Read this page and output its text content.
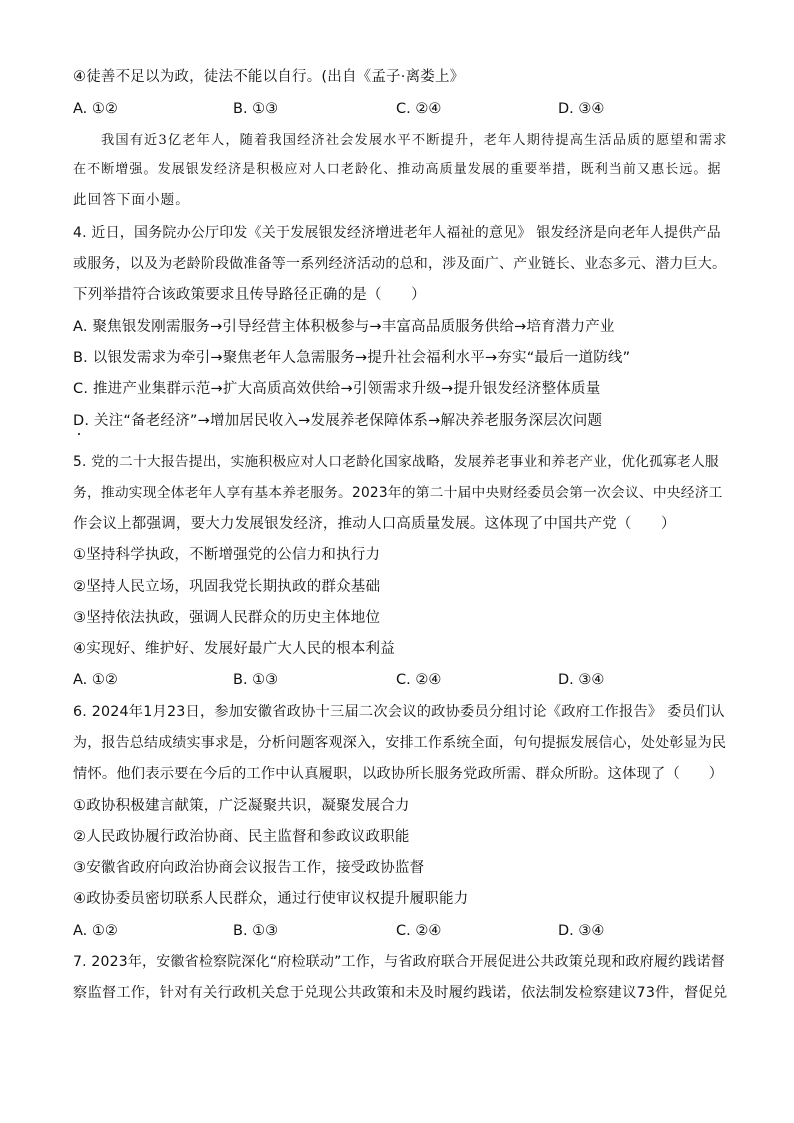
④徒善不足以为政，徒法不能以自行。(出自《孟子·离娄上》
A. ①②	B. ①③	C. ②④	D. ③④
我国有近3亿老年人，随着我国经济社会发展水平不断提升，老年人期待提高生活品质的愿望和需求
在不断增强。发展银发经济是积极应对人口老龄化、推动高质量发展的重要举措，既利当前又惠长远。据
此回答下面小题。
4. 近日，国务院办公厅印发《关于发展银发经济增进老年人福祉的意见》 银发经济是向老年人提供产品
或服务，以及为老龄阶段做准备等一系列经济活动的总和，涉及面广、产业链长、业态多元、潜力巨大。
下列举措符合该政策要求且传导路径正确的是（　　）
A. 聚焦银发刚需服务→引导经营主体积极参与→丰富高品质服务供给→培育潜力产业
B. 以银发需求为牵引→聚焦老年人急需服务→提升社会福利水平→夯实“最后一道防线”
C. 推进产业集群示范→扩大高质高效供给→引领需求升级→提升银发经济整体质量
D. 关注“备老经济”→增加居民收入→发展养老保障体系→解决养老服务深层次问题
5. 党的二十大报告提出，实施积极应对人口老龄化国家战略，发展养老事业和养老产业，优化孤寡老人服
务，推动实现全体老年人享有基本养老服务。2023年的第二十届中央财经委员会第一次会议、中央经济工
作会议上都强调，要大力发展银发经济，推动人口高质量发展。这体现了中国共产党（　　）
①坚持科学执政，不断增强党的公信力和执行力
②坚持人民立场，巩固我党长期执政的群众基础
③坚持依法执政，强调人民群众的历史主体地位
④实现好、维护好、发展好最广大人民的根本利益
A. ①②	B. ①③	C. ②④	D. ③④
6. 2024年1月23日，参加安徽省政协十三届二次会议的政协委员分组讨论《政府工作报告》 委员们认
为，报告总结成绩实事求是，分析问题客观深入，安排工作系统全面，句句提振发展信心，处处彰显为民
情怀。他们表示要在今后的工作中认真履职，以政协所长服务党政所需、群众所盼。这体现了（　　）
①政协积极建言献策，广泛凝聚共识，凝聚发展合力
②人民政协履行政治协商、民主监督和参政议政职能
③安徽省政府向政治协商会议报告工作，接受政协监督
④政协委员密切联系人民群众，通过行使审议权提升履职能力
A. ①②	B. ①③	C. ②④	D. ③④
7. 2023年，安徽省检察院深化“府检联动”工作，与省政府联合开展促进公共政策兑现和政府履约践诺督
察监督工作，针对有关行政机关怠于兑现公共政策和未及时履约践诺，依法制发检察建议73件，督促兑
